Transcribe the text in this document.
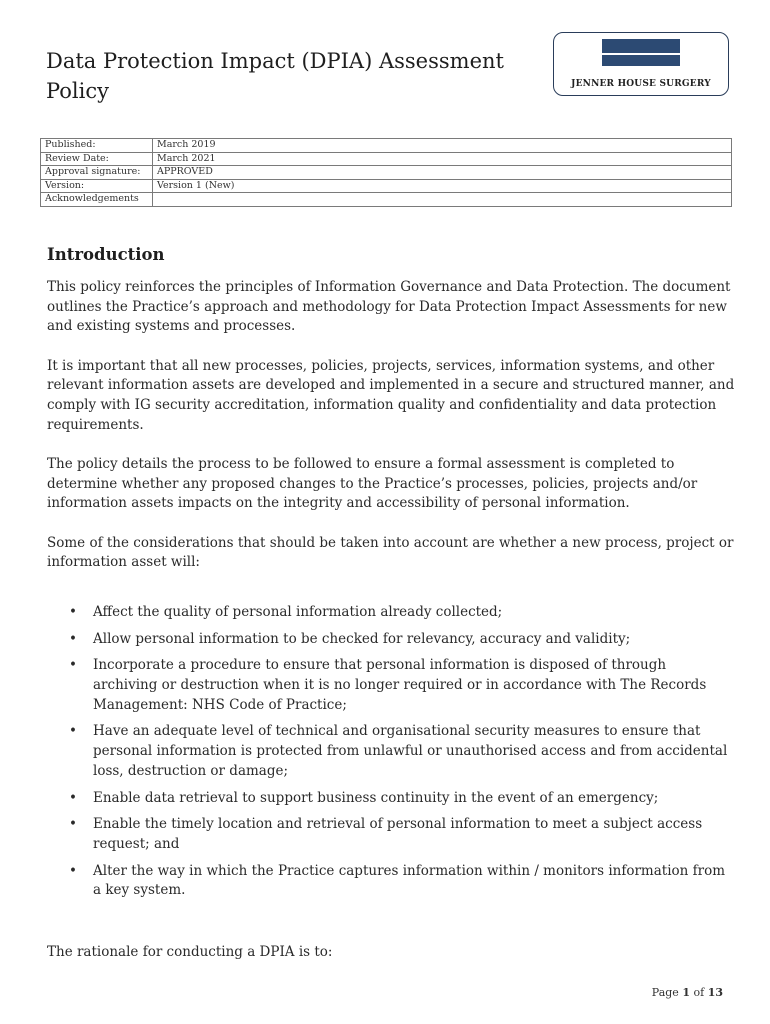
Data Protection Impact (DPIA) Assessment Policy	JENNER HOUSE SURGERY
Published:	March 2019
Review Date:	March 2021
Approval signature:	APPROVED
Version:	Version 1 (New)
Acknowledgements	
Introduction

This policy reinforces the principles of Information Governance and Data Protection. The document outlines the Practice’s approach and methodology for Data Protection Impact Assessments for new and existing systems and processes.

It is important that all new processes, policies, projects, services, information systems, and other relevant information assets are developed and implemented in a secure and structured manner, and comply with IG security accreditation, information quality and confidentiality and data protection requirements.

The policy details the process to be followed to ensure a formal assessment is completed to determine whether any proposed changes to the Practice’s processes, policies, projects and/or information assets impacts on the integrity and accessibility of personal information.

Some of the considerations that should be taken into account are whether a new process, project or information asset will:

• Affect the quality of personal information already collected;
• Allow personal information to be checked for relevancy, accuracy and validity;
• Incorporate a procedure to ensure that personal information is disposed of through archiving or destruction when it is no longer required or in accordance with The Records Management: NHS Code of Practice;
• Have an adequate level of technical and organisational security measures to ensure that personal information is protected from unlawful or unauthorised access and from accidental loss, destruction or damage;
• Enable data retrieval to support business continuity in the event of an emergency;
• Enable the timely location and retrieval of personal information to meet a subject access request; and
• Alter the way in which the Practice captures information within / monitors information from a key system.

The rationale for conducting a DPIA is to:

Page 1 of 13
